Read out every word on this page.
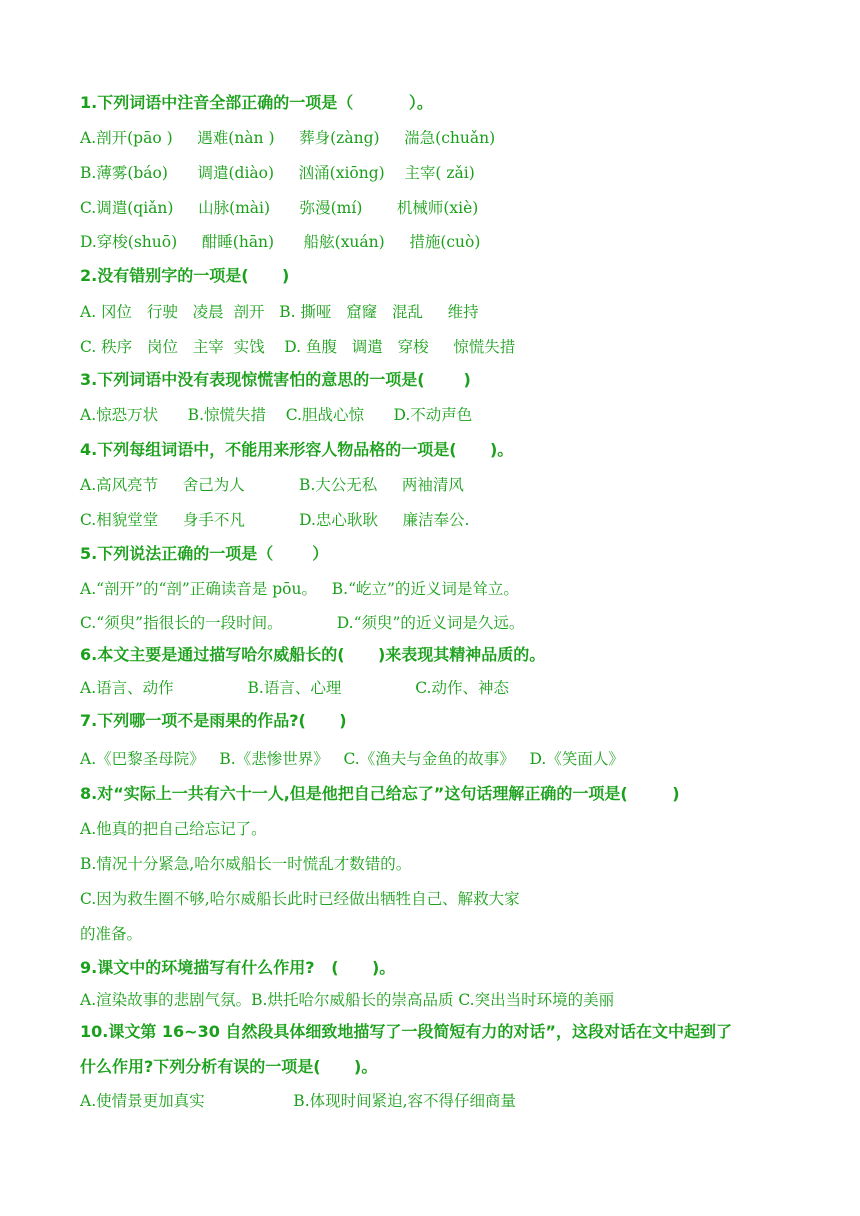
1.下列词语中注音全部正确的一项是（          ）。
A.剖开(pāo )     遇难(nàn )     葬身(zàng)     湍急(chuǎn)
B.薄雾(báo)      调遣(diào)     汹涌(xiōng)    主宰( zǎi)
C.调遣(qiǎn)     山脉(mài)      弥漫(mí)       机械师(xiè)
D.穿梭(shuō)     酣睡(hān)      船舷(xuán)     措施(cuò)
2.没有错别字的一项是(      )
A. 冈位   行驶   凌晨  剖开   B. 撕哑   窟窿   混乱     维持
C. 秩序   岗位   主宰  实饯    D. 鱼腹   调遣   穿梭     惊慌失措
3.下列词语中没有表现惊慌害怕的意思的一项是(       )
A.惊恐万状      B.惊慌失措    C.胆战心惊      D.不动声色
4.下列每组词语中，不能用来形容人物品格的一项是(      )。
A.高风亮节     舍己为人           B.大公无私     两袖清风
C.相貌堂堂     身手不凡           D.忠心耿耿     廉洁奉公.
5.下列说法正确的一项是（       ）
A.“剖开”的“剖”正确读音是 pōu。   B.“屹立”的近义词是耸立。
C.“须臾”指很长的一段时间。           D.“须臾”的近义词是久远。
6.本文主要是通过描写哈尔威船长的(      )来表现其精神品质的。
A.语言、动作               B.语言、心理               C.动作、神态
7.下列哪一项不是雨果的作品?(      )
A.《巴黎圣母院》   B.《悲惨世界》   C.《渔夫与金鱼的故事》   D.《笑面人》
8.对“实际上一共有六十一人,但是他把自己给忘了”这句话理解正确的一项是(        )
A.他真的把自己给忘记了。
B.情况十分紧急,哈尔威船长一时慌乱才数错的。
C.因为救生圈不够,哈尔威船长此时已经做出牺牲自己、解救大家
的准备。
9.课文中的环境描写有什么作用?   (      )。
A.渲染故事的悲剧气氛。B.烘托哈尔威船长的崇高品质 C.突出当时环境的美丽
10.课文第 16~30 自然段具体细致地描写了一段简短有力的对话”，这段对话在文中起到了
什么作用?下列分析有误的一项是(      )。
A.使情景更加真实                  B.体现时间紧迫,容不得仔细商量
